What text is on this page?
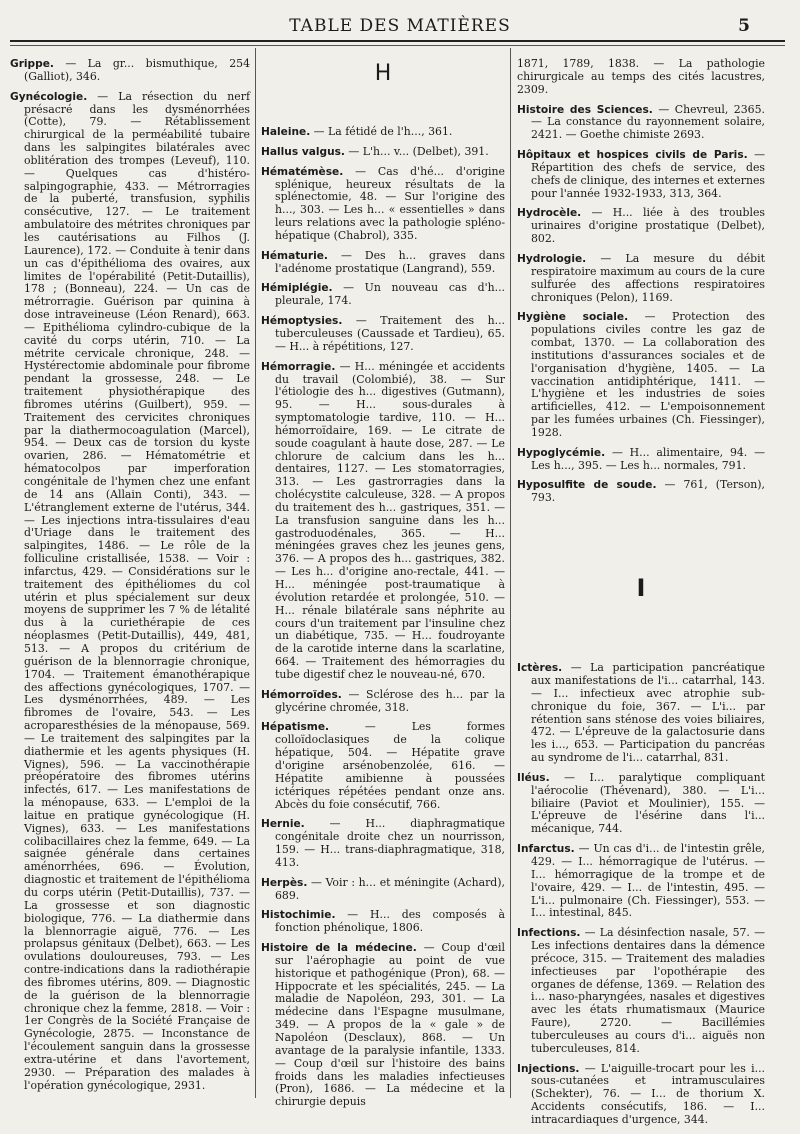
TABLE DES MATIÈRES	5

Grippe. — La gr... bismuthique, 254 (Galliot), 346.

Gynécologie. — La résection du nerf présacré dans les dysménorrhées (Cotte), 79. — Rétablissement chirurgical de la perméabilité tubaire dans les salpingites bilatérales avec oblitération des trompes (Leveuf), 110. — Quelques cas d'histéro-salpingographie, 433. — Métrorragies de la puberté, transfusion, syphilis consécutive, 127. — Le traitement ambulatoire des métrites chroniques par les cautérisations au Filhos (J. Laurence), 172. — Conduite à tenir dans un cas d'épithélioma des ovaires, aux limites de l'opérabilité (Petit-Dutaillis), 178 ; (Bonneau), 224. — Un cas de métrorragie. Guérison par quinina à dose intraveineuse (Léon Renard), 663. — Epithélioma cylindro-cubique de la cavité du corps utérin, 710. — La métrite cervicale chronique, 248. — Hystérectomie abdominale pour fibrome pendant la grossesse, 248. — Le traitement physiothérapique des fibromes utérins (Guilbert), 959. — Traitement des cervicites chroniques par la diathermocoagulation (Marcel), 954. — Deux cas de torsion du kyste ovarien, 286. — Hématométrie et hématocolpos par imperforation congénitale de l'hymen chez une enfant de 14 ans (Allain Conti), 343. — L'étranglement externe de l'utérus, 344. — Les injections intra-tissulaires d'eau d'Uriage dans le traitement des salpingites, 1486. — Le rôle de la folliculine cristallisée, 1538. — Voir : infarctus, 429. — Considérations sur le traitement des épithéliomes du col utérin et plus spécialement sur deux moyens de supprimer les 7 % de létalité dus à la curiethérapie de ces néoplasmes (Petit-Dutaillis), 449, 481, 513. — A propos du critérium de guérison de la blennorragie chronique, 1704. — Traitement émanothérapique des affections gynécologiques, 1707. — Les dysménorrhées, 489. — Les fibromes de l'ovaire, 543. — Les acroparesthésies de la ménopause, 569. — Le traitement des salpingites par la diathermie et les agents physiques (H. Vignes), 596. — La vaccinothérapie préopératoire des fibromes utérins infectés, 617. — Les manifestations de la ménopause, 633. — L'emploi de la laitue en pratique gynécologique (H. Vignes), 633. — Les manifestations colibacillaires chez la femme, 649. — La saignée générale dans certaines aménorrhées, 696. — Évolution, diagnostic et traitement de l'épithélioma du corps utérin (Petit-Dutaillis), 737. — La grossesse et son diagnostic biologique, 776. — La diathermie dans la blennorragie aiguë, 776. — Les prolapsus génitaux (Delbet), 663. — Les ovulations douloureuses, 793. — Les contre-indications dans la radiothérapie des fibromes utérins, 809. — Diagnostic de la guérison de la blennorragie chronique chez la femme, 2818. — Voir : 1er Congrès de la Société Française de Gynécologie, 2875. — Inconstance de l'écoulement sanguin dans la grossesse extra-utérine et dans l'avortement, 2930. — Préparation des malades à l'opération gynécologique, 2931.

H

Haleine. — La fétidé de l'h..., 361.

Hallus valgus. — L'h... v... (Delbet), 391.

Hématémèse. — Cas d'hé... d'origine splénique, heureux résultats de la splénectomie, 48. — Sur l'origine des h..., 303. — Les h... « essentielles » dans leurs relations avec la pathologie spléno-hépatique (Chabrol), 335.

Hématurie. — Des h... graves dans l'adénome prostatique (Langrand), 559.

Hémiplégie. — Un nouveau cas d'h... pleurale, 174.

Hémoptysies. — Traitement des h... tuberculeuses (Caussade et Tardieu), 65. — H... à répétitions, 127.

Hémorragie. — H... méningée et accidents du travail (Colombié), 38. — Sur l'étiologie des h... digestives (Gutmann), 95. — H... sous-durales à symptomatologie tardive, 110. — H... hémorroïdaire, 169. — Le citrate de soude coagulant à haute dose, 287. — Le chlorure de calcium dans les h... dentaires, 1127. — Les stomatorragies, 313. — Les gastrorragies dans la cholécystite calculeuse, 328. — A propos du traitement des h... gastriques, 351. — La transfusion sanguine dans les h... gastroduodénales, 365. — H... méningées graves chez les jeunes gens, 376. — A propos des h... gastriques, 382. — Les h... d'origine ano-rectale, 441. — H... méningée post-traumatique à évolution retardée et prolongée, 510. — H... rénale bilatérale sans néphrite au cours d'un traitement par l'insuline chez un diabétique, 735. — H... foudroyante de la carotide interne dans la scarlatine, 664. — Traitement des hémorragies du tube digestif chez le nouveau-né, 670.

Hémorroïdes. — Sclérose des h... par la glycérine chromée, 318.

Hépatisme. — Les formes colloïdoclasiques de la colique hépatique, 504. — Hépatite grave d'origine arsénobenzolée, 616. — Hépatite amibienne à poussées ictériques répétées pendant onze ans. Abcès du foie consécutif, 766.

Hernie. — H... diaphragmatique congénitale droite chez un nourrisson, 159. — H... trans-diaphragmatique, 318, 413.

Herpès. — Voir : h... et méningite (Achard), 689.

Histochimie. — H... des composés à fonction phénolique, 1806.

Histoire de la médecine. — Coup d'œil sur l'aérophagie au point de vue historique et pathogénique (Pron), 68. — Hippocrate et les spécialités, 245. — La maladie de Napoléon, 293, 301. — La médecine dans l'Espagne musulmane, 349. — A propos de la « gale » de Napoléon (Desclaux), 868. — Un avantage de la paralysie infantile, 1333. — Coup d'œil sur l'histoire des bains froids dans les maladies infectieuses (Pron), 1686. — La médecine et la chirurgie depuis

1871, 1789, 1838. — La pathologie chirurgicale au temps des cités lacustres, 2309.

Histoire des Sciences. — Chevreul, 2365. — La constance du rayonnement solaire, 2421. — Goethe chimiste 2693.

Hôpitaux et hospices civils de Paris. — Répartition des chefs de service, des chefs de clinique, des internes et externes pour l'année 1932-1933, 313, 364.

Hydrocèle. — H... liée à des troubles urinaires d'origine prostatique (Delbet), 802.

Hydrologie. — La mesure du débit respiratoire maximum au cours de la cure sulfurée des affections respiratoires chroniques (Pelon), 1169.

Hygiène sociale. — Protection des populations civiles contre les gaz de combat, 1370. — La collaboration des institutions d'assurances sociales et de l'organisation d'hygiène, 1405. — La vaccination antidiphtérique, 1411. — L'hygiène et les industries de soies artificielles, 412. — L'empoisonnement par les fumées urbaines (Ch. Fiessinger), 1928.

Hypoglycémie. — H... alimentaire, 94. — Les h..., 395. — Les h... normales, 791.

Hyposulfite de soude. — 761, (Terson), 793.

I

Ictères. — La participation pancréatique aux manifestations de l'i... catarrhal, 143. — I... infectieux avec atrophie sub-chronique du foie, 367. — L'i... par rétention sans sténose des voies biliaires, 472. — L'épreuve de la galactosurie dans les i..., 653. — Participation du pancréas au syndrome de l'i... catarrhal, 831.

Iléus. — I... paralytique compliquant l'aérocolie (Thévenard), 380. — L'i... biliaire (Paviot et Moulinier), 155. — L'épreuve de l'ésérine dans l'i... mécanique, 744.

Infarctus. — Un cas d'i... de l'intestin grêle, 429. — I... hémorragique de l'utérus. — I... hémorragique de la trompe et de l'ovaire, 429. — I... de l'intestin, 495. — L'i... pulmonaire (Ch. Fiessinger), 553. — I... intestinal, 845.

Infections. — La désinfection nasale, 57. — Les infections dentaires dans la démence précoce, 315. — Traitement des maladies infectieuses par l'opothérapie des organes de défense, 1369. — Relation des i... naso-pharyngées, nasales et digestives avec les états rhumatismaux (Maurice Faure), 2720. — Bacillémies tuberculeuses au cours d'i... aiguës non tuberculeuses, 814.

Injections. — L'aiguille-trocart pour les i... sous-cutanées et intramusculaires (Schekter), 76. — I... de thorium X. Accidents consécutifs, 186. — I... intracardiaques d'urgence, 344.
